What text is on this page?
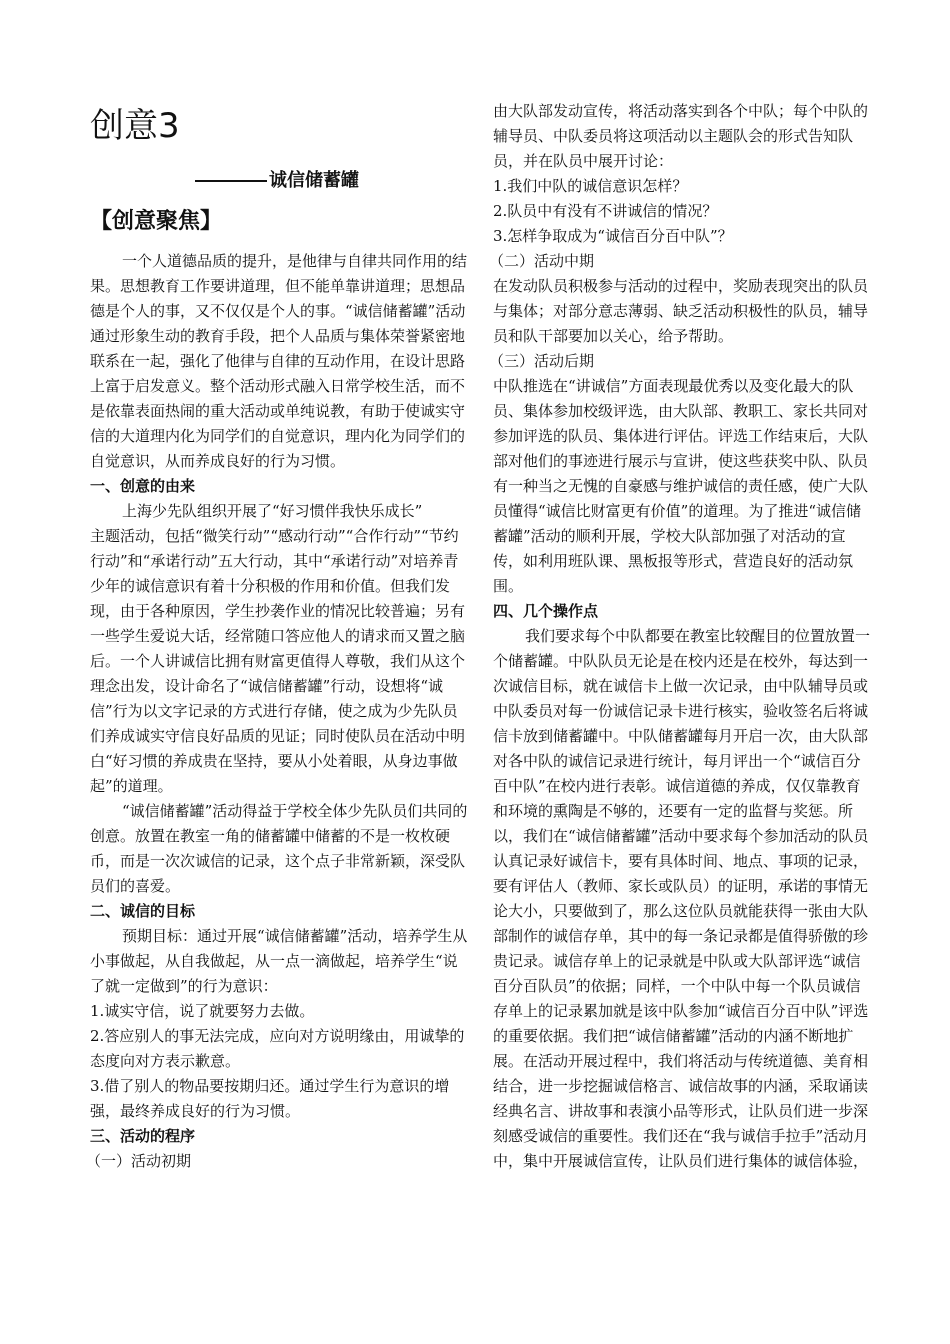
创意3
诚信储蓄罐
【创意聚焦】

一个人道德品质的提升，是他律与自律共同作用的结果。思想教育工作要讲道理，但不能单靠讲道理；思想品德是个人的事，又不仅仅是个人的事。“诚信储蓄罐”活动通过形象生动的教育手段，把个人品质与集体荣誉紧密地联系在一起，强化了他律与自律的互动作用，在设计思路上富于启发意义。整个活动形式融入日常学校生活，而不是依靠表面热闹的重大活动或单纯说教，有助于使诚实守信的大道理内化为同学们的自觉意识，理内化为同学们的自觉意识，从而养成良好的行为习惯。

一、创意的由来

上海少先队组织开展了“好习惯伴我快乐成长”

主题活动，包括“微笑行动”“感动行动”“合作行动”“节约行动”和“承诺行动”五大行动，其中“承诺行动”对培养青少年的诚信意识有着十分积极的作用和价值。但我们发现，由于各种原因，学生抄袭作业的情况比较普遍；另有一些学生爱说大话，经常随口答应他人的请求而又置之脑后。一个人讲诚信比拥有财富更值得人尊敬，我们从这个理念出发，设计命名了“诚信储蓄罐”行动，设想将“诚信”行为以文字记录的方式进行存储，使之成为少先队员们养成诚实守信良好品质的见证；同时使队员在活动中明白“好习惯的养成贵在坚持，要从小处着眼，从身边事做起”的道理。

“诚信储蓄罐”活动得益于学校全体少先队员们共同的创意。放置在教室一角的储蓄罐中储蓄的不是一枚枚硬币，而是一次次诚信的记录，这个点子非常新颖，深受队员们的喜爱。

二、诚信的目标

预期目标：通过开展“诚信储蓄罐”活动，培养学生从小事做起，从自我做起，从一点一滴做起，培养学生“说了就一定做到”的行为意识：

1.诚实守信，说了就要努力去做。

2.答应别人的事无法完成，应向对方说明缘由，用诚挚的态度向对方表示歉意。

3.借了别人的物品要按期归还。通过学生行为意识的增强，最终养成良好的行为习惯。

三、活动的程序

（一）活动初期

由大队部发动宣传，将活动落实到各个中队；每个中队的辅导员、中队委员将这项活动以主题队会的形式告知队员，并在队员中展开讨论：

1.我们中队的诚信意识怎样？

2.队员中有没有不讲诚信的情况？

3.怎样争取成为“诚信百分百中队”？

（二）活动中期

在发动队员积极参与活动的过程中，奖励表现突出的队员与集体；对部分意志薄弱、缺乏活动积极性的队员，辅导员和队干部要加以关心，给予帮助。

（三）活动后期

中队推选在“讲诚信”方面表现最优秀以及变化最大的队员、集体参加校级评选，由大队部、教职工、家长共同对参加评选的队员、集体进行评估。评选工作结束后，大队部对他们的事迹进行展示与宣讲，使这些获奖中队、队员有一种当之无愧的自豪感与维护诚信的责任感，使广大队员懂得“诚信比财富更有价值”的道理。为了推进“诚信储蓄罐”活动的顺利开展，学校大队部加强了对活动的宣传，如利用班队课、黑板报等形式，营造良好的活动氛围。

四、几个操作点

我们要求每个中队都要在教室比较醒目的位置放置一个储蓄罐。中队队员无论是在校内还是在校外，每达到一次诚信目标，就在诚信卡上做一次记录，由中队辅导员或中队委员对每一份诚信记录卡进行核实，验收签名后将诚信卡放到储蓄罐中。中队储蓄罐每月开启一次，由大队部对各中队的诚信记录进行统计，每月评出一个“诚信百分百中队”在校内进行表彰。诚信道德的养成，仅仅靠教育和环境的熏陶是不够的，还要有一定的监督与奖惩。所以，我们在“诚信储蓄罐”活动中要求每个参加活动的队员认真记录好诚信卡，要有具体时间、地点、事项的记录，要有评估人（教师、家长或队员）的证明，承诺的事情无论大小，只要做到了，那么这位队员就能获得一张由大队部制作的诚信存单，其中的每一条记录都是值得骄傲的珍贵记录。诚信存单上的记录就是中队或大队部评选“诚信百分百队员”的依据；同样，一个中队中每一个队员诚信存单上的记录累加就是该中队参加“诚信百分百中队”评选的重要依据。我们把“诚信储蓄罐”活动的内涵不断地扩展。在活动开展过程中，我们将活动与传统道德、美育相结合，进一步挖掘诚信格言、诚信故事的内涵，采取诵读经典名言、讲故事和表演小品等形式，让队员们进一步深刻感受诚信的重要性。我们还在“我与诚信手拉手”活动月中，集中开展诚信宣传，让队员们进行集体的诚信体验，
